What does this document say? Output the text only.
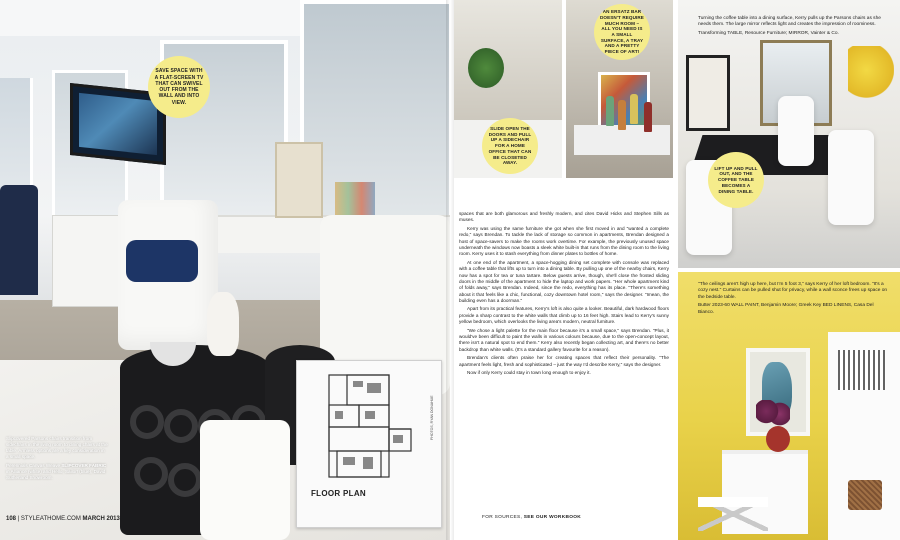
SAVE SPACE WITH A FLAT-SCREEN TV THAT CAN SWIVEL OUT FROM THE WALL AND INTO VIEW.
FLOOR PLAN
PHOTOS, RYAN DONAHUE

Slipcovered Parsons chairs transition from sidechairs in the living room to dining chairs at the table. Armless options are a key consideration in a small space.

Perennials Canvas Weave SLIPCOVER FABRIC in Alliance (white) and Hello, Sailor! (blue), David Sutherland Showroom.

108 | STYLEATHOME.COM MARCH 2013
SLIDE OPEN THE DOORS AND PULL UP A SIDECHAIR FOR A HOME OFFICE THAT CAN BE CLOSETED AWAY.
AN ERSATZ BAR DOESN'T REQUIRE MUCH ROOM – ALL YOU NEED IS A SMALL SURFACE, A TRAY AND A PRETTY PIECE OF ART!

spaces that are both glamorous and freshly modern, and cites David Hicks and Stephen Sills as muses.

Kerry was using the same furniture she got when she first moved in and "wanted a complete redo," says Brendan. To tackle the lack of storage so common in apartments, Brendan designed a host of space-savers to make the rooms work overtime. For example, the previously unused space underneath the windows now boasts a sleek white built-in that runs from the dining room to the living room. Kerry uses it to stash everything from dinner plates to bottles of home.

At one end of the apartment, a space-hogging dining set complete with console was replaced with a coffee table that lifts up to turn into a dining table. By pulling up one of the nearby chairs, Kerry now has a spot for tea or tuna tartare. Below guests arrive, though, she'll close the frosted sliding doors in the middle of the apartment to hide the laptop and work papers. "Her whole apartment kind of folds away," says Brendan. Indeed, since the redo, everything has its place. "There's something about it that feels like a chic, functional, cozy downtown hotel room," says the designer. "Imean, the building even has a doorman."

Apart from its practical features, Kerry's loft is also quite a looker. Beautiful, dark hardwood floors provide a sharp contrast to the white walls that climb up to 16 feet high. Stairs lead to Kerry's sunny yellow bedroom, which overlooks the living area's modern, neutral furniture.

"We chose a light palette for the main floor because it's a small space," says Brendan. "Plus, it would've been difficult to paint the walls in various colours because, due to the open-concept layout, there isn't a natural spot to end them." Kerry also recently began collecting art, and there's no better backdrop than white walls. (It's a standard gallery favourite for a reason).

Brendan's clients often praise her for creating spaces that reflect their personality. "The apartment feels light, fresh and sophisticated – just the way I'd describe Kerry," says the designer.

Now if only Kerry could stay in town long enough to enjoy it.

FOR SOURCES, SEE OUR WORKBOOK

Turning the coffee table into a dining surface, Kerry pulls up the Parsons chairs as she needs them. The large mirror reflects light and creates the impression of roominess.

Transforming TABLE, Resource Furniture; MIRROR, Vainter & Co.

LIFT UP AND PULL OUT, AND THE COFFEE TABLE BECOMES A DINING TABLE.

"The ceilings aren't high up here, but I'm 5 foot 3," says Kerry of her loft bedroom. "It's a cozy nest." Curtains can be pulled shut for privacy, while a wall sconce frees up space on the bedside table.

Butter 2023-60 WALL PAINT, Benjamin Moore; Greek Key BED LINENS, Casa Del Bianco.
